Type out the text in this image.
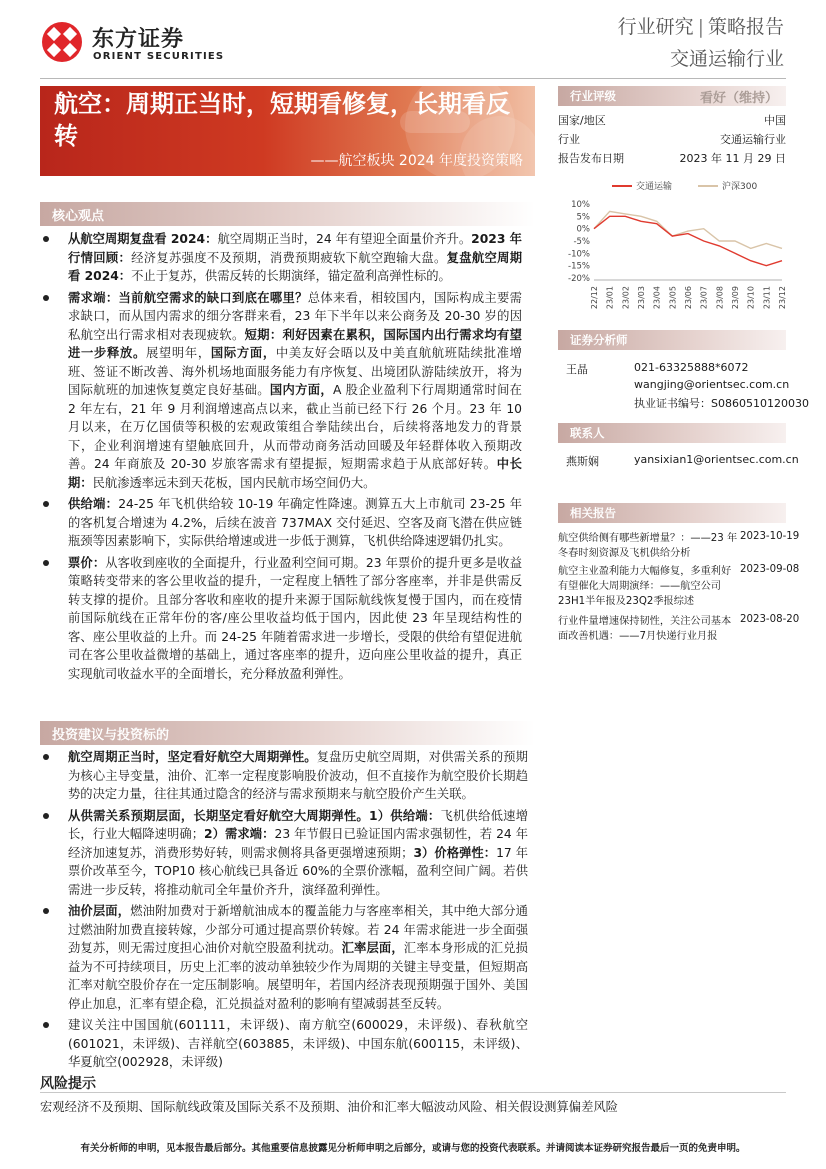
东方证券
ORIENT SECURITIES
行业研究 | 策略报告
交通运输行业
航空：周期正当时，短期看修复，长期看反转
——航空板块 2024 年度投资策略
核心观点
从航空周期复盘看 2024：航空周期正当时，24 年有望迎全面量价齐升。2023 年行情回顾：经济复苏强度不及预期，消费预期疲软下航空跑输大盘。复盘航空周期看 2024：不止于复苏，供需反转的长期演绎，锚定盈利高弹性标的。
需求端：当前航空需求的缺口到底在哪里？总体来看，相较国内，国际构成主要需求缺口，而从国内需求的细分客群来看，23 年下半年以来公商务及 20-30 岁的因私航空出行需求相对表现疲软。短期：利好因素在累积，国际国内出行需求均有望进一步释放。展望明年，国际方面，中美友好会晤以及中美直航航班陆续批准增班、签证不断改善、海外机场地面服务能力有序恢复、出境团队游陆续放开，将为国际航班的加速恢复奠定良好基础。国内方面，A 股企业盈利下行周期通常时间在 2 年左右，21 年 9 月利润增速高点以来，截止当前已经下行 26 个月。23 年 10 月以来，在万亿国债等积极的宏观政策组合拳陆续出台，后续将落地发力的背景下，企业利润增速有望触底回升，从而带动商务活动回暖及年轻群体收入预期改善。24 年商旅及 20-30 岁旅客需求有望提振，短期需求趋于从底部好转。中长期：民航渗透率远未到天花板，国内民航市场空间仍大。
供给端：24-25 年飞机供给较 10-19 年确定性降速。测算五大上市航司 23-25 年的客机复合增速为 4.2%，后续在波音 737MAX 交付延迟、空客及商飞潜在供应链瓶颈等因素影响下，实际供给增速或进一步低于测算，飞机供给降速逻辑仍扎实。
票价：从客收到座收的全面提升，行业盈利空间可期。23 年票价的提升更多是收益策略转变带来的客公里收益的提升，一定程度上牺牲了部分客座率，并非是供需反转支撑的提价。且部分客收和座收的提升来源于国际航线恢复慢于国内，而在疫情前国际航线在正常年份的客/座公里收益均低于国内，因此使 23 年呈现结构性的客、座公里收益的上升。而 24-25 年随着需求进一步增长，受限的供给有望促进航司在客公里收益微增的基础上，通过客座率的提升，迈向座公里收益的提升，真正实现航司收益水平的全面增长，充分释放盈利弹性。
投资建议与投资标的
航空周期正当时，坚定看好航空大周期弹性。复盘历史航空周期，对供需关系的预期为核心主导变量，油价、汇率一定程度影响股价波动，但不直接作为航空股价长期趋势的决定力量，往往其通过隐含的经济与需求预期来与航空股价产生关联。
从供需关系预期层面，长期坚定看好航空大周期弹性。1）供给端：飞机供给低速增长，行业大幅降速明确；2）需求端：23 年节假日已验证国内需求强韧性，若 24 年经济加速复苏，消费形势好转，则需求侧将具备更强增速预期；3）价格弹性：17 年票价改革至今，TOP10 核心航线已具备近 60%的全票价涨幅，盈利空间广阔。若供需进一步反转，将推动航司全年量价齐升，演绎盈利弹性。
油价层面，燃油附加费对于新增航油成本的覆盖能力与客座率相关，其中绝大部分通过燃油附加费直接转嫁，少部分可通过提高票价转嫁。若 24 年需求能进一步全面强劲复苏，则无需过度担心油价对航空股盈利扰动。汇率层面，汇率本身形成的汇兑损益为不可持续项目，历史上汇率的波动单独较少作为周期的关键主导变量，但短期高汇率对航空股价存在一定压制影响。展望明年，若国内经济表现预期强于国外、美国停止加息，汇率有望企稳，汇兑损益对盈利的影响有望减弱甚至反转。
建议关注中国国航(601111，未评级)、南方航空(600029，未评级)、春秋航空(601021，未评级)、吉祥航空(603885，未评级)、中国东航(600115，未评级)、华夏航空(002928，未评级)
行业评级	看好（维持）
国家/地区	中国
行业	交通运输行业
报告发布日期	2023 年 11 月 29 日
交通运输	沪深300
10%
5%
0%
-5%
-10%
-15%
-20%
22/12 23/01 23/02 23/03 23/04 23/05 23/06 23/07 23/08 23/09 23/10 23/11 23/12
证券分析师
王晶	021-63325888*6072
wangjing@orientsec.com.cn
执业证书编号：S0860510120030
联系人
燕斯娴	yansixian1@orientsec.com.cn
相关报告
航空供给侧有哪些新增量？：——23 年冬春时刻资源及飞机供给分析
2023-10-19
航空主业盈利能力大幅修复，多重利好有望催化大周期演绎：——航空公司23H1半年报及23Q2季报综述
2023-09-08
行业件量增速保持韧性，关注公司基本面改善机遇：——7月快递行业月报
2023-08-20
风险提示
宏观经济不及预期、国际航线政策及国际关系不及预期、油价和汇率大幅波动风险、相关假设测算偏差风险
有关分析师的申明，见本报告最后部分。其他重要信息披露见分析师申明之后部分，或请与您的投资代表联系。并请阅读本证券研究报告最后一页的免责申明。
